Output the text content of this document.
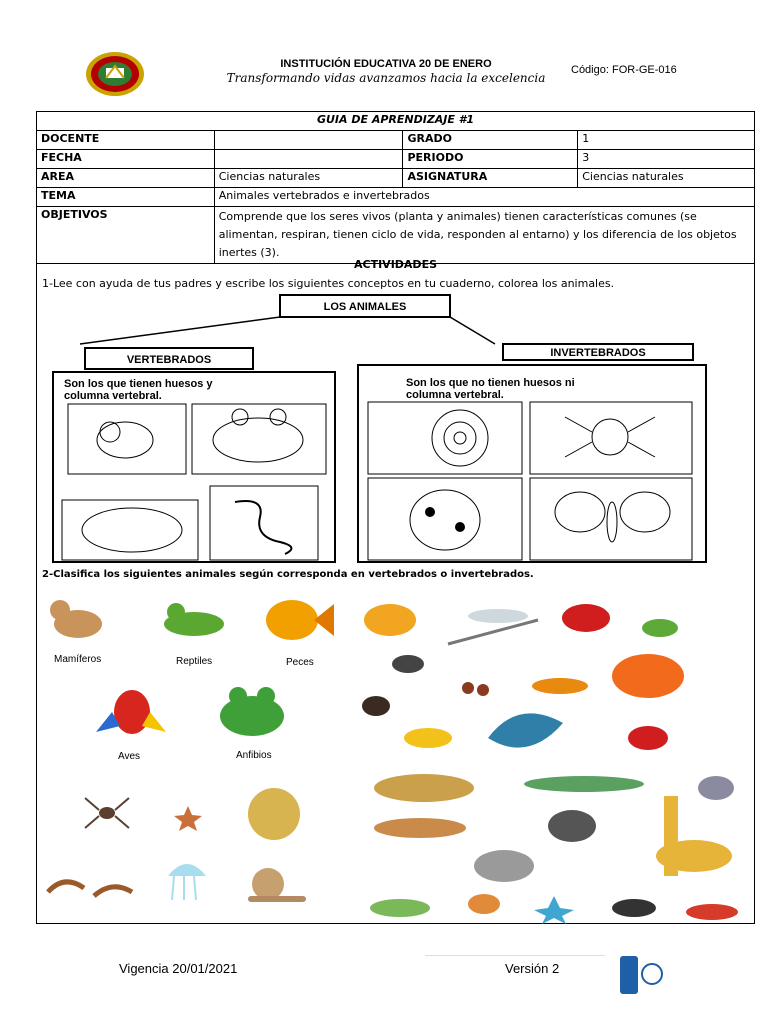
INSTITUCIÓN EDUCATIVA 20 DE ENERO
Transformando vidas avanzamos hacia la excelencia
Código: FOR-GE-016
GUIA DE APRENDIZAJE #1			
DOCENTE		GRADO	1
FECHA		PERIODO	3
AREA	Ciencias naturales	ASIGNATURA	Ciencias naturales
TEMA	Animales vertebrados e invertebrados		
OBJETIVOS	Comprende que los seres vivos (planta y animales) tienen características comunes (se alimentan, respiran, tienen ciclo de vida, responden al entarno) y los diferencia de los objetos inertes (3).		
ACTIVIDADES
1-Lee con ayuda de tus padres y escribe los siguientes conceptos en tu cuaderno, colorea los animales.
LOS ANIMALES
VERTEBRADOS
INVERTEBRADOS
Son los que tienen huesos y columna vertebral.
Son los que no tienen huesos ni columna vertebral.
2-Clasifica los siguientes animales según corresponda en vertebrados o invertebrados.
Mamíferos	Reptiles	Peces
Aves	Anfibios
Vigencia 20/01/2021	Versión 2
